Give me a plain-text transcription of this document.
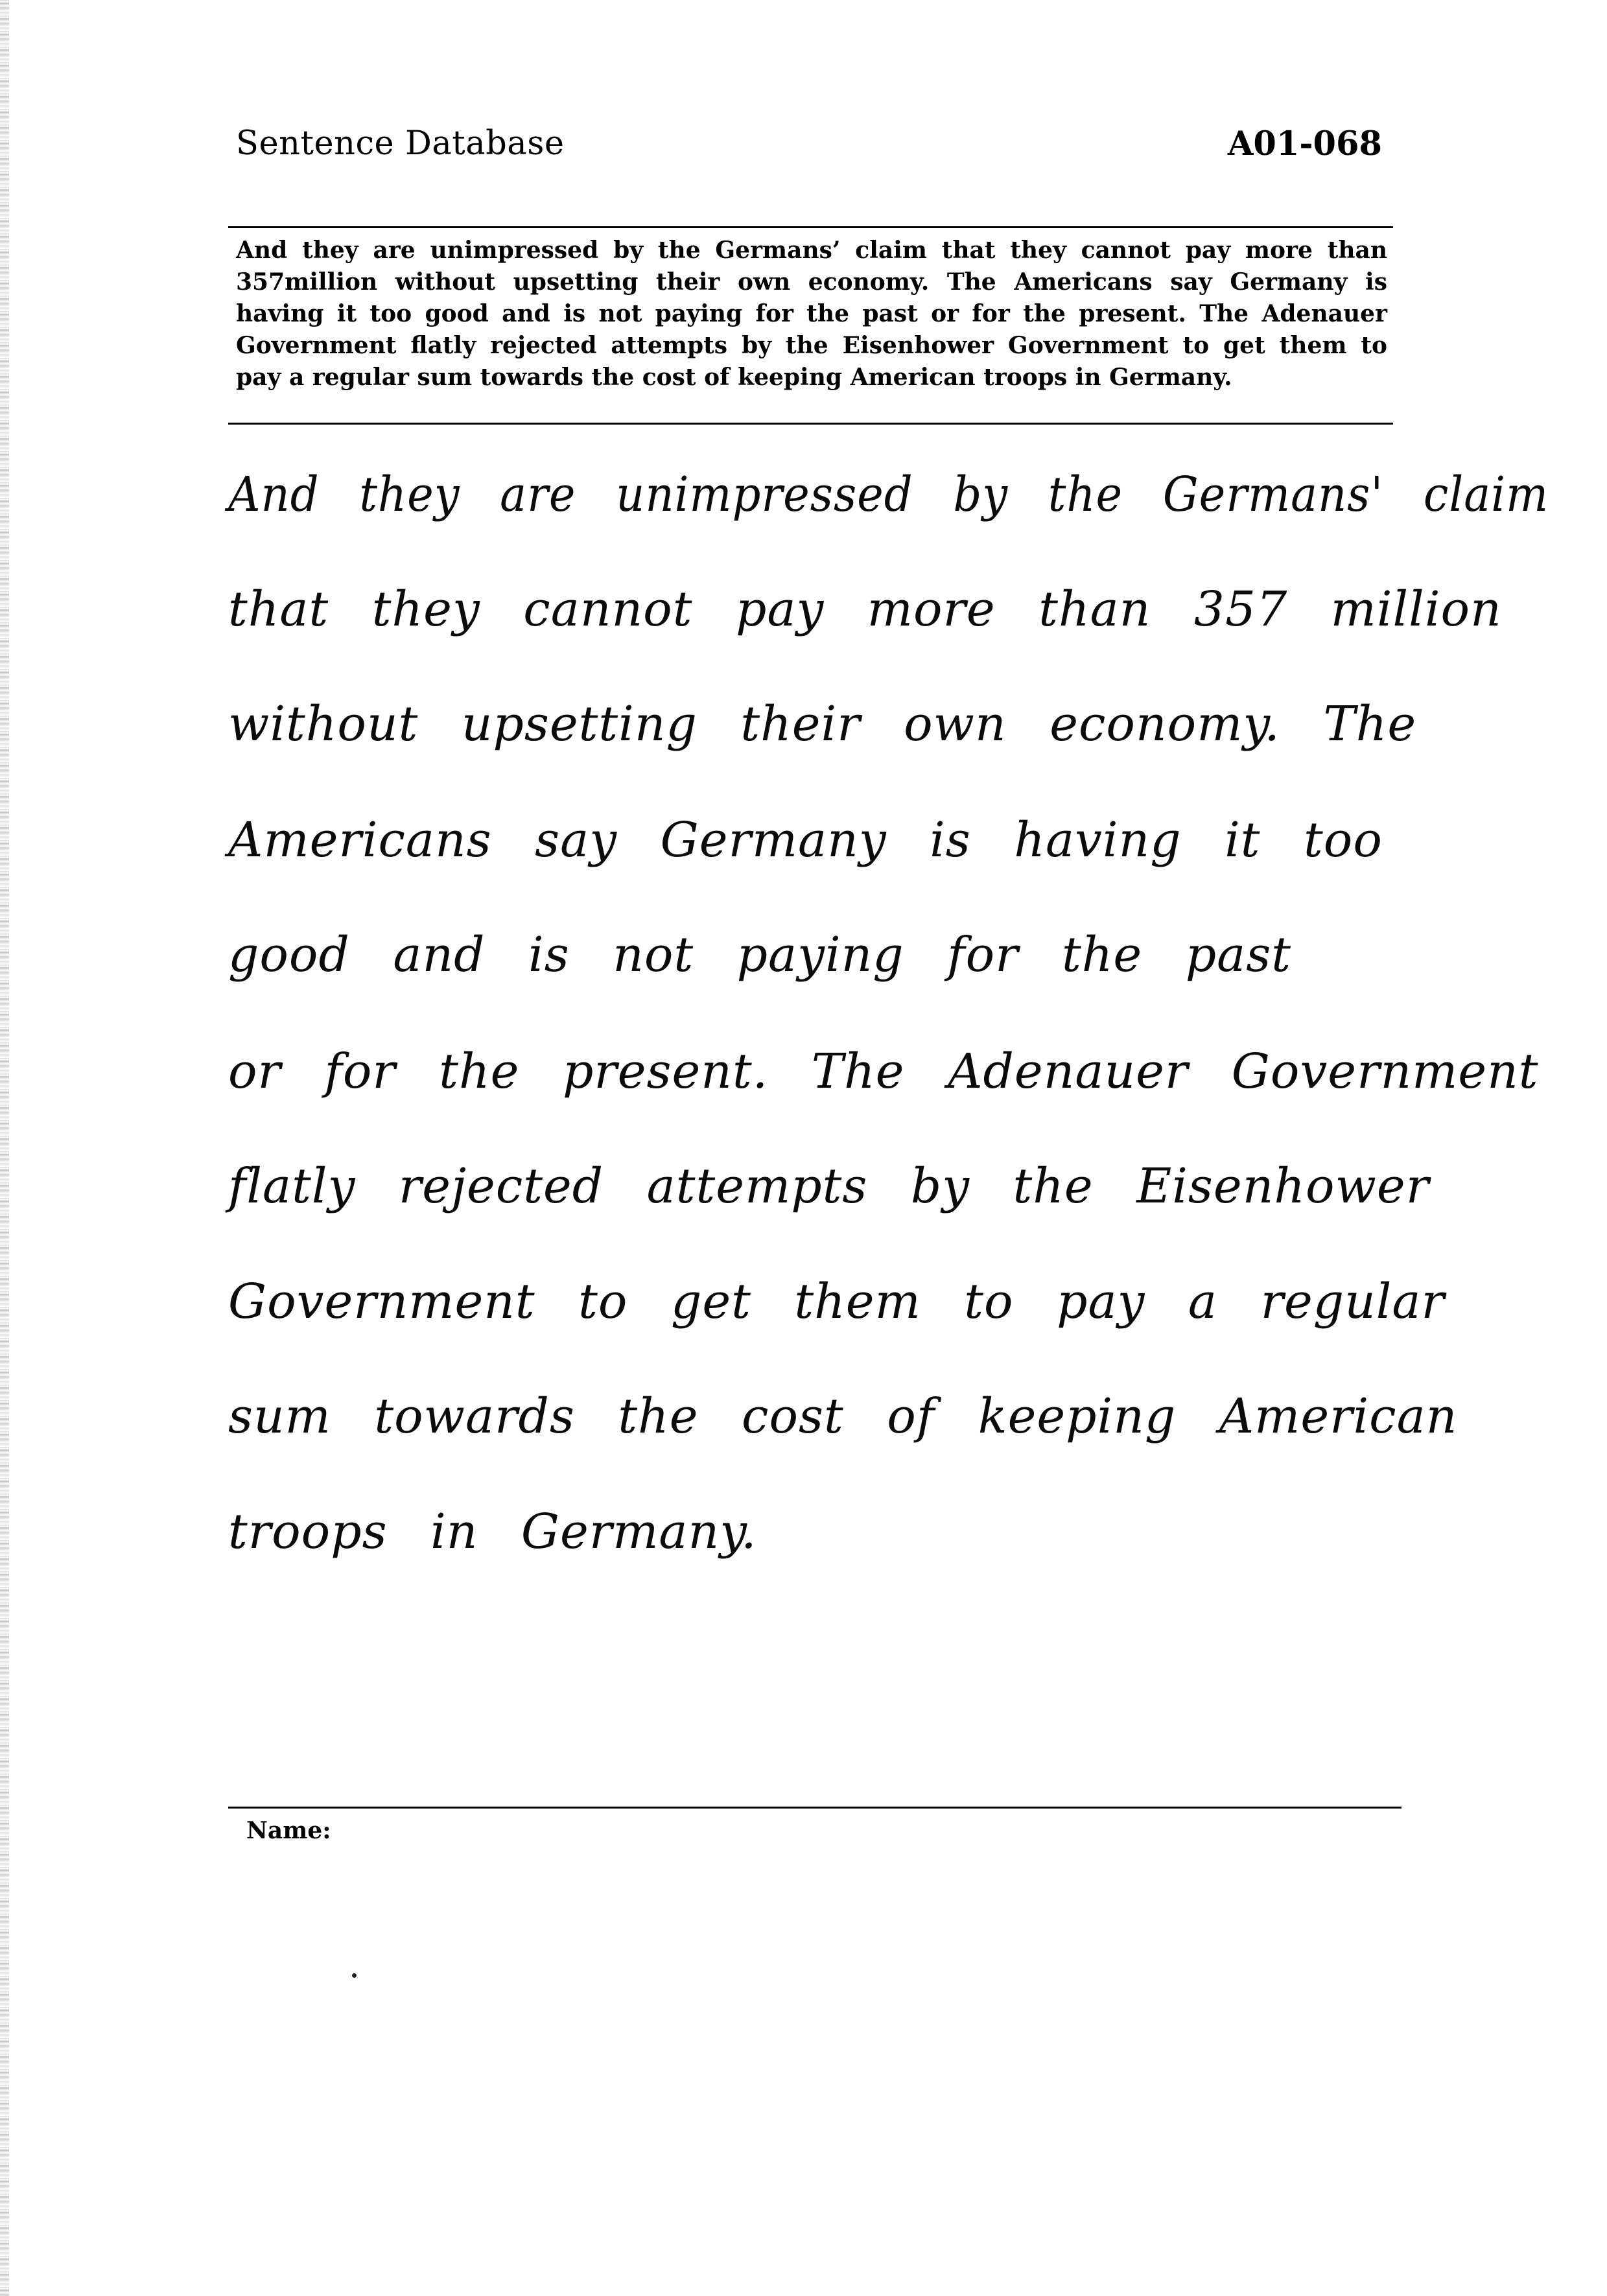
Sentence Database	A01-068
And they are unimpressed by the Germans’ claim that they cannot pay more than
357million without upsetting their own economy. The Americans say Germany is
having it too good and is not paying for the past or for the present. The Adenauer
Government flatly rejected attempts by the Eisenhower Government to get them to
pay a regular sum towards the cost of keeping American troops in Germany.
And they are unimpressed by the Germans' claim
that they cannot pay more than 357 million
without upsetting their own economy. The
Americans say Germany is having it too
good and is not paying for the past
or for the present. The Adenauer Government
flatly rejected attempts by the Eisenhower
Government to get them to pay a regular
sum towards the cost of keeping American
troops in Germany.
Name:
